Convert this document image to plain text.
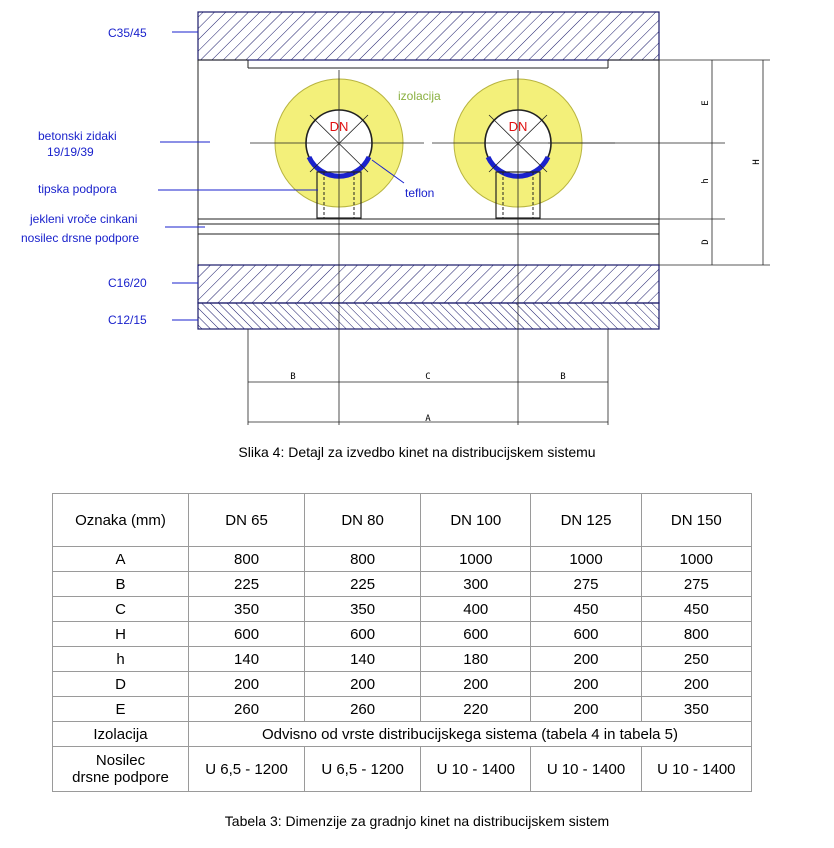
C35/45
betonski zidaki
19/19/39
tipska podpora
jekleni vroče cinkani
nosilec drsne podpore
C16/20
C12/15
izolacija
DN	DN
teflon
E
h
D
H
B	C	B
A
Slika 4: Detajl za izvedbo kinet na distribucijskem sistemu
Oznaka (mm)	DN 65	DN 80	DN 100	DN 125	DN 150
A	800	800	1000	1000	1000
B	225	225	300	275	275
C	350	350	400	450	450
H	600	600	600	600	800
h	140	140	180	200	250
D	200	200	200	200	200
E	260	260	220	200	350
Izolacija	Odvisno od vrste distribucijskega sistema (tabela 4 in tabela 5)				
Nosilec
drsne podpore	U 6,5 - 1200	U 6,5 - 1200	U 10 - 1400	U 10 - 1400	U 10 - 1400
Tabela 3: Dimenzije za gradnjo kinet na distribucijskem sistem
